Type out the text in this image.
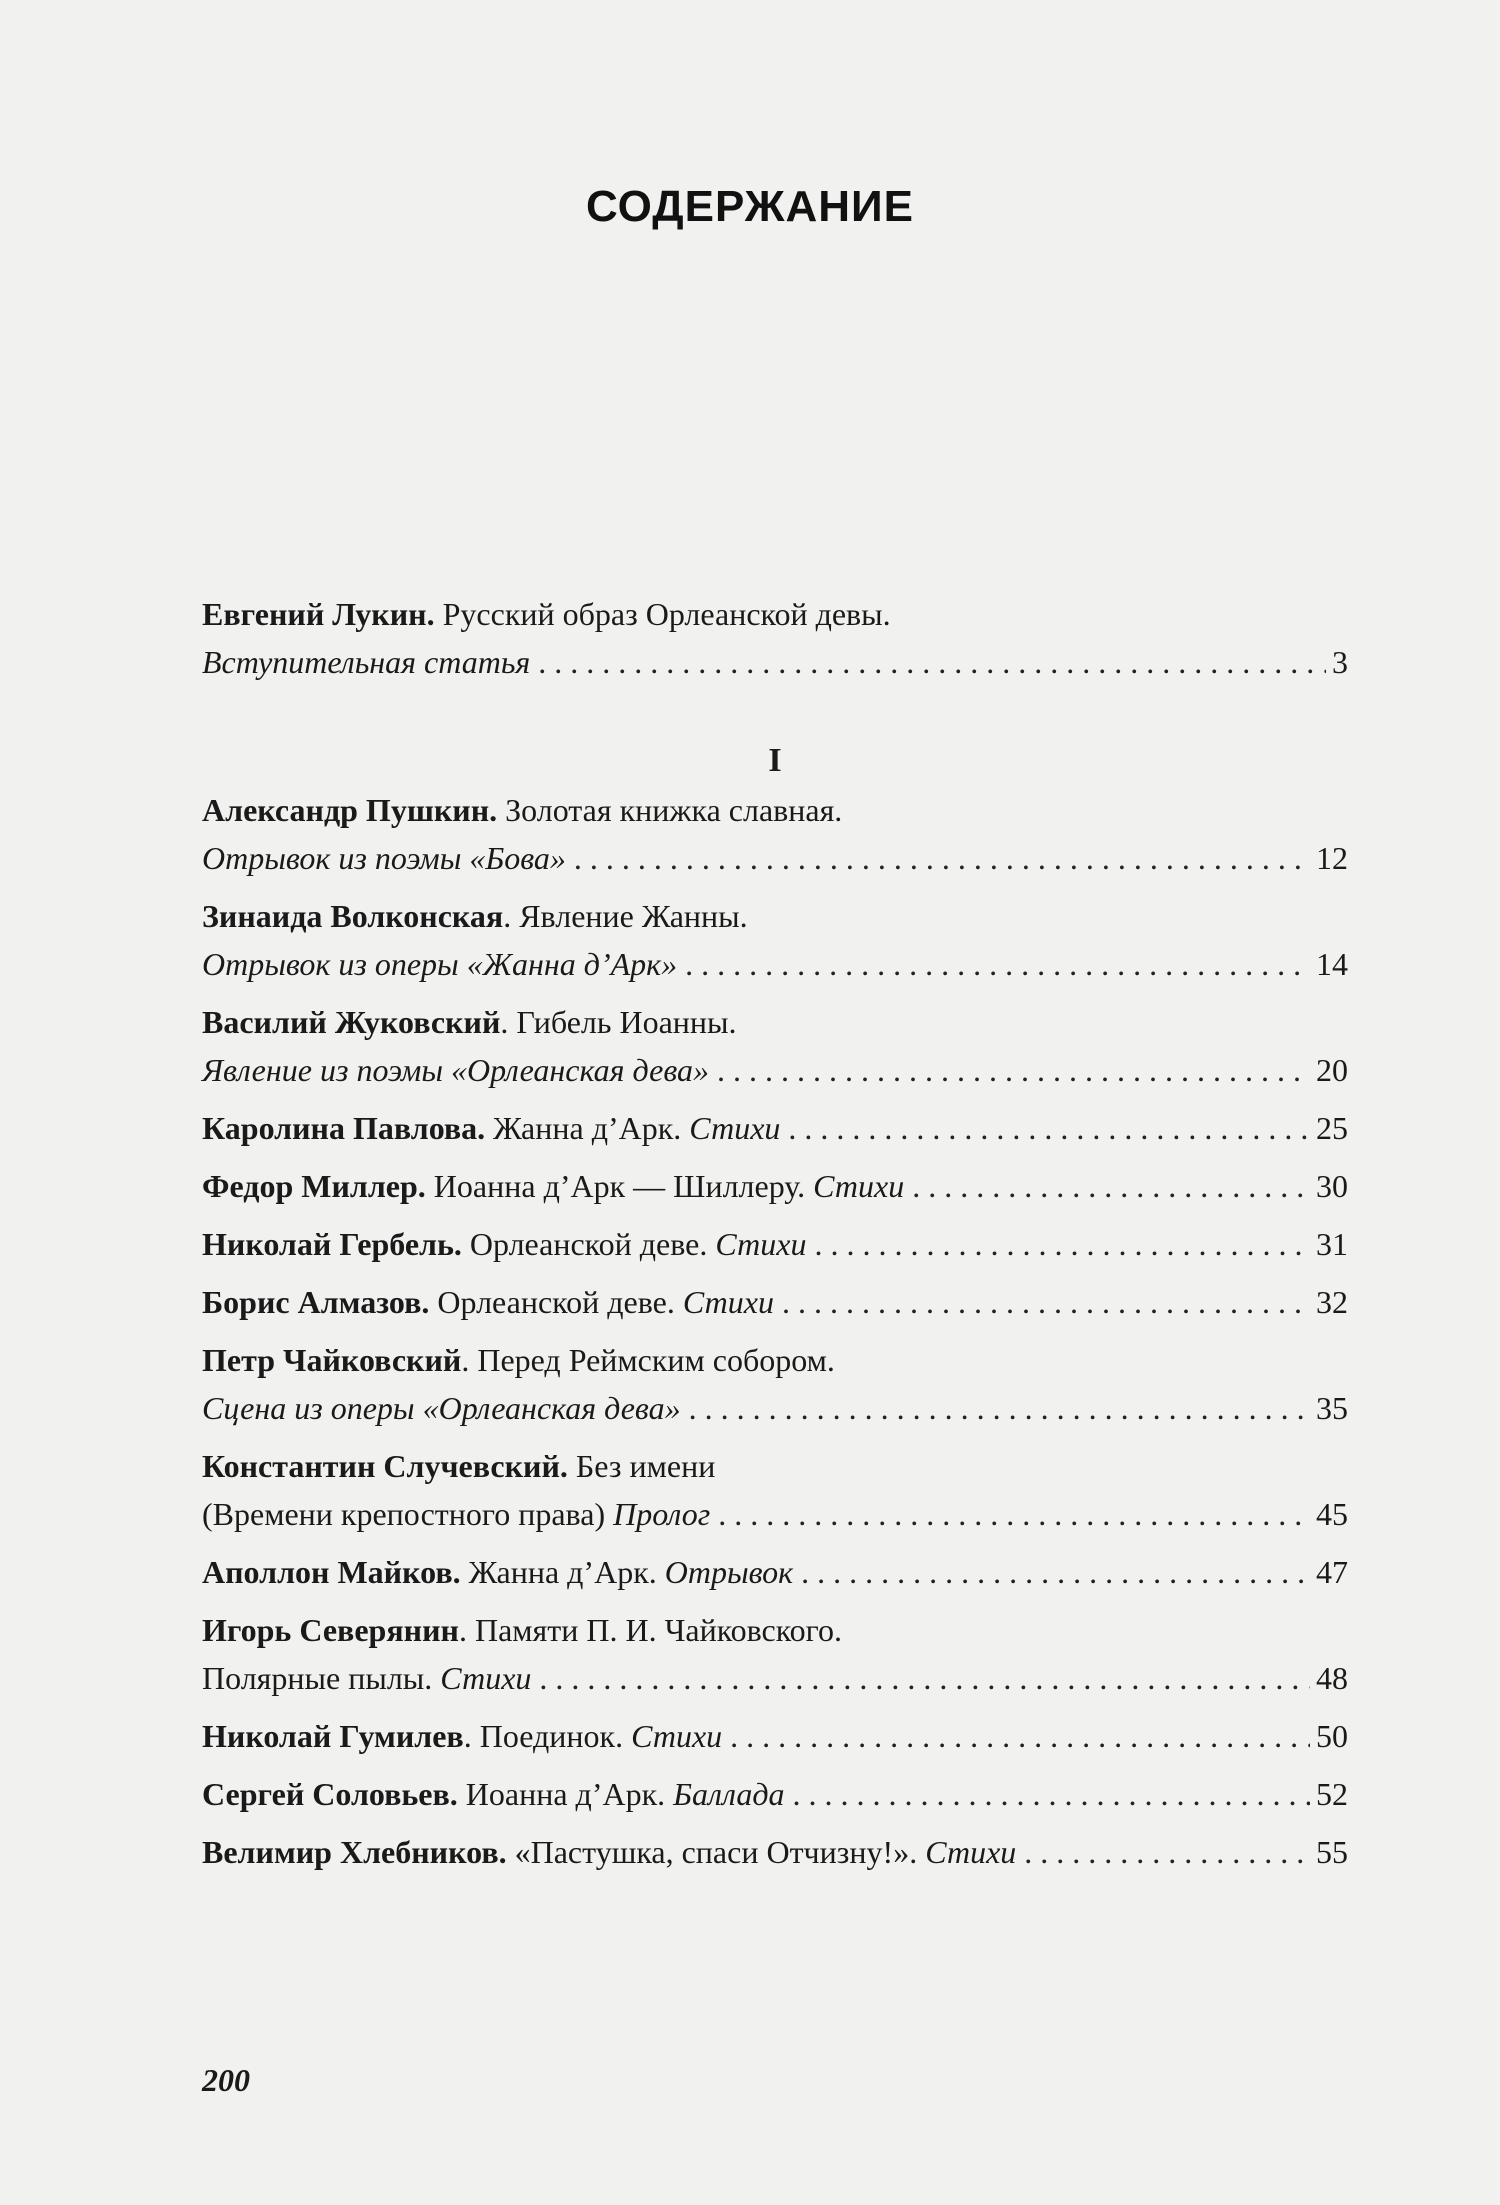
СОДЕРЖАНИЕ
Евгений Лукин. Русский образ Орлеанской девы.
Вступительная статья . . .	3
I
Александр Пушкин. Золотая книжка славная.
Отрывок из поэмы «Бова» . . .	12
Зинаида Волконская. Явление Жанны.
Отрывок из оперы «Жанна д’Арк» . . .	14
Василий Жуковский. Гибель Иоанны.
Явление из поэмы «Орлеанская дева» . . .	20
Каролина Павлова. Жанна д’Арк. Стихи . . .	25
Федор Миллер. Иоанна д’Арк — Шиллеру. Стихи . . .	30
Николай Гербель. Орлеанской деве. Стихи . . .	31
Борис Алмазов. Орлеанской деве. Стихи . . .	32
Петр Чайковский. Перед Реймским собором.
Сцена из оперы «Орлеанская дева» . . .	35
Константин Случевский. Без имени
(Времени крепостного права) Пролог . . .	45
Аполлон Майков. Жанна д’Арк. Отрывок . . .	47
Игорь Северянин. Памяти П. И. Чайковского.
Полярные пылы. Стихи . . .	48
Николай Гумилев. Поединок. Стихи . . .	50
Сергей Соловьев. Иоанна д’Арк. Баллада . . .	52
Велимир Хлебников. «Пастушка, спаси Отчизну!». Стихи . . .	55
200
